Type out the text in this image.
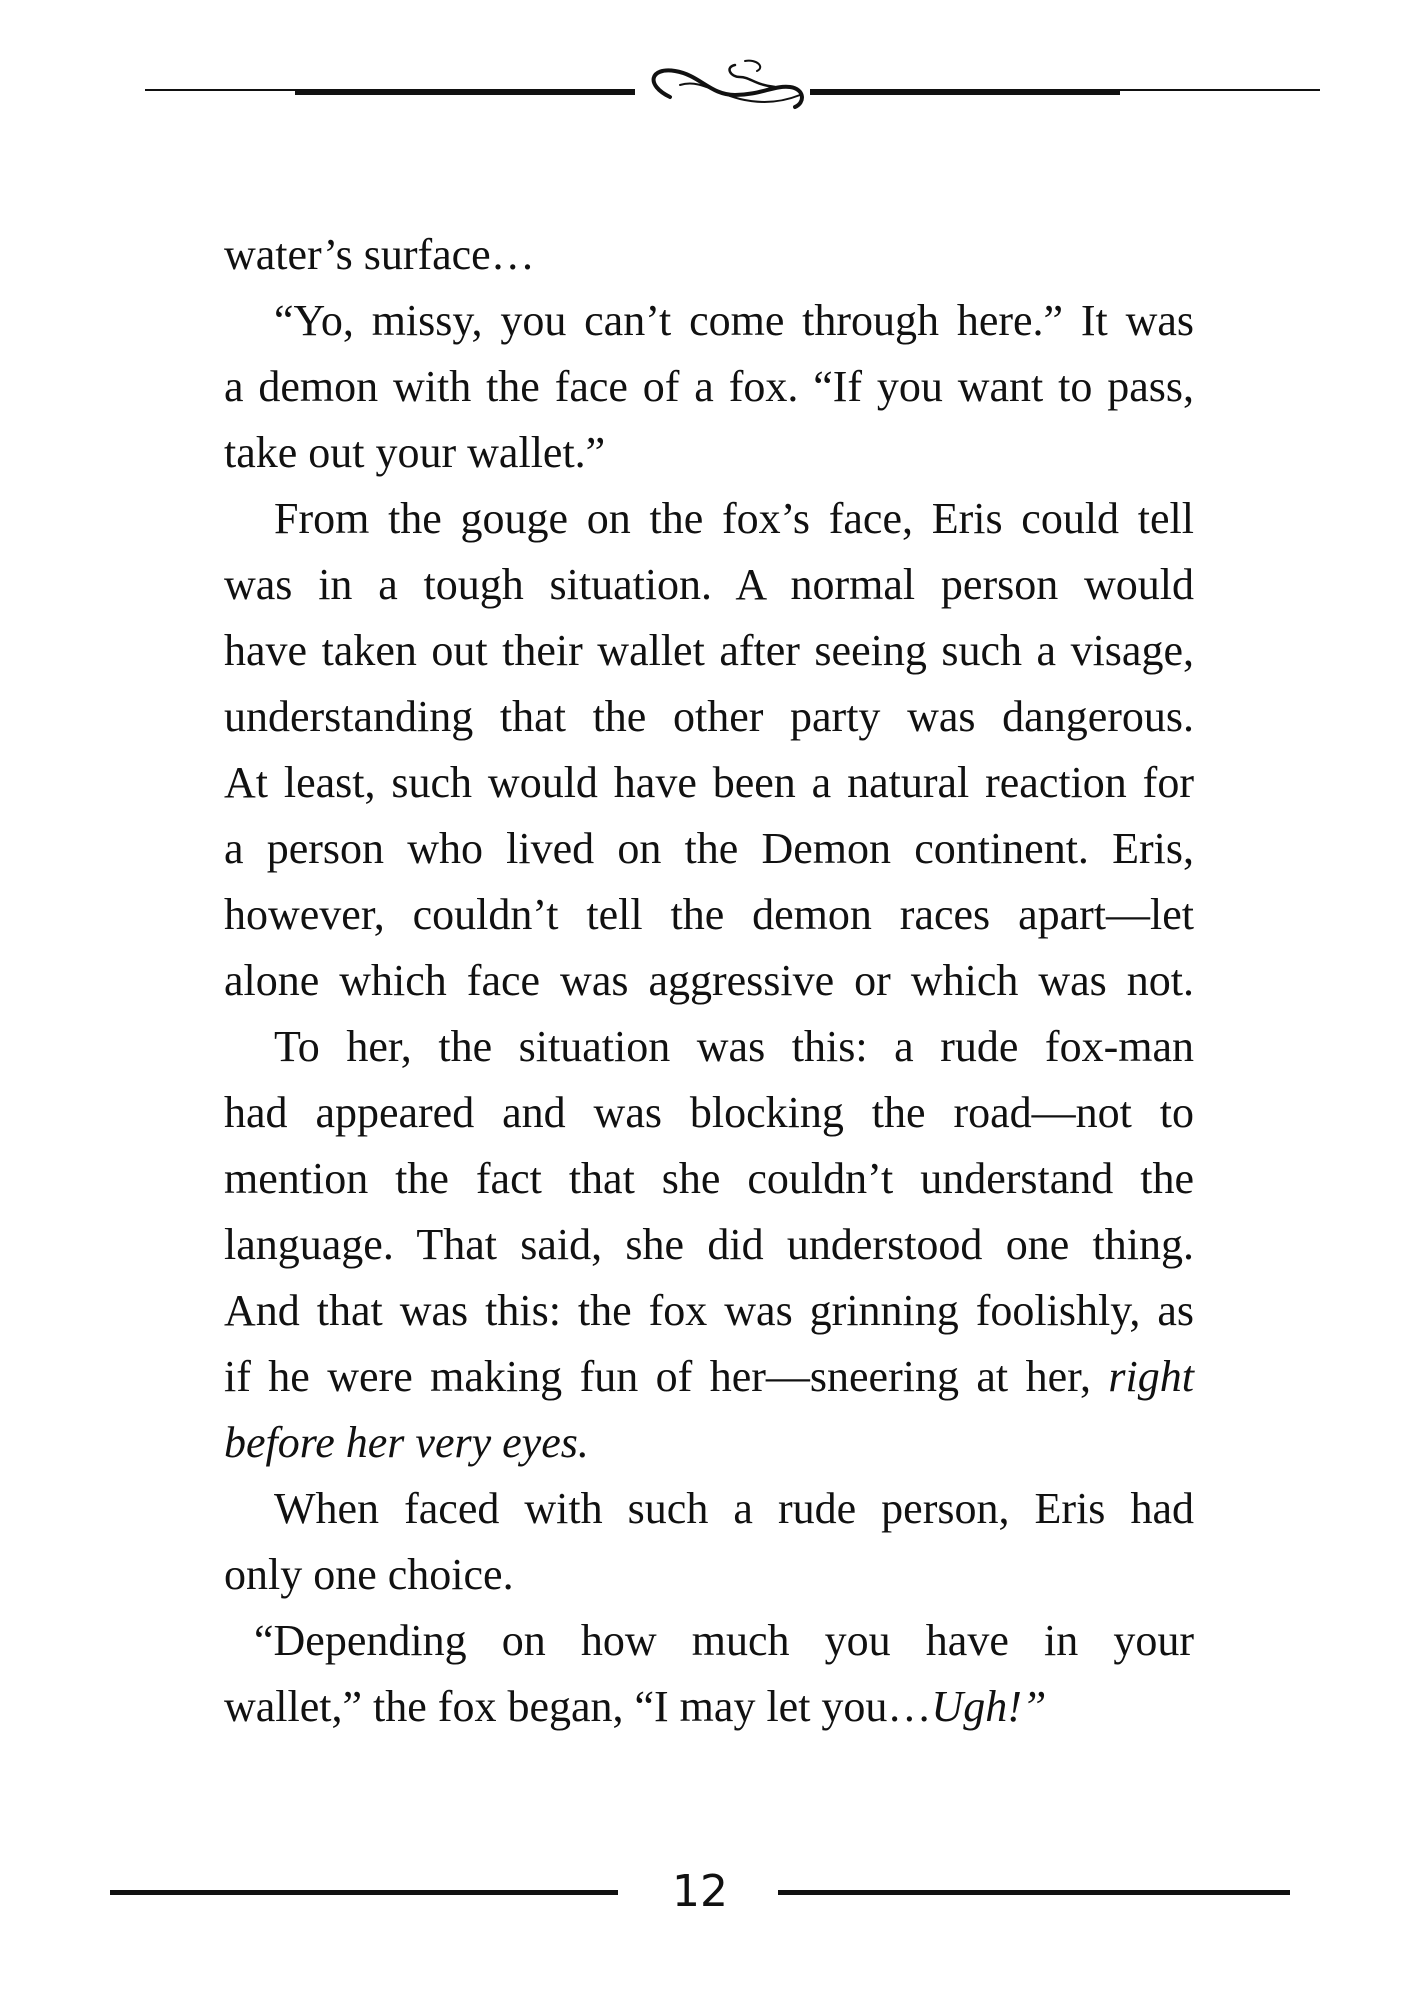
water’s surface…
“Yo, missy, you can’t come through here.” It was
a demon with the face of a fox. “If you want to pass,
take out your wallet.”
From the gouge on the fox’s face, Eris could tell
was in a tough situation. A normal person would
have taken out their wallet after seeing such a visage,
understanding that the other party was dangerous.
At least, such would have been a natural reaction for
a person who lived on the Demon continent. Eris,
however, couldn’t tell the demon races apart—let
alone which face was aggressive or which was not.
To her, the situation was this: a rude fox-man
had appeared and was blocking the road—not to
mention the fact that she couldn’t understand the
language. That said, she did understood one thing.
And that was this: the fox was grinning foolishly, as
if he were making fun of her—sneering at her, right
before her very eyes.
When faced with such a rude person, Eris had
only one choice.
“Depending on how much you have in your
wallet,” the fox began, “I may let you…Ugh!”
12
